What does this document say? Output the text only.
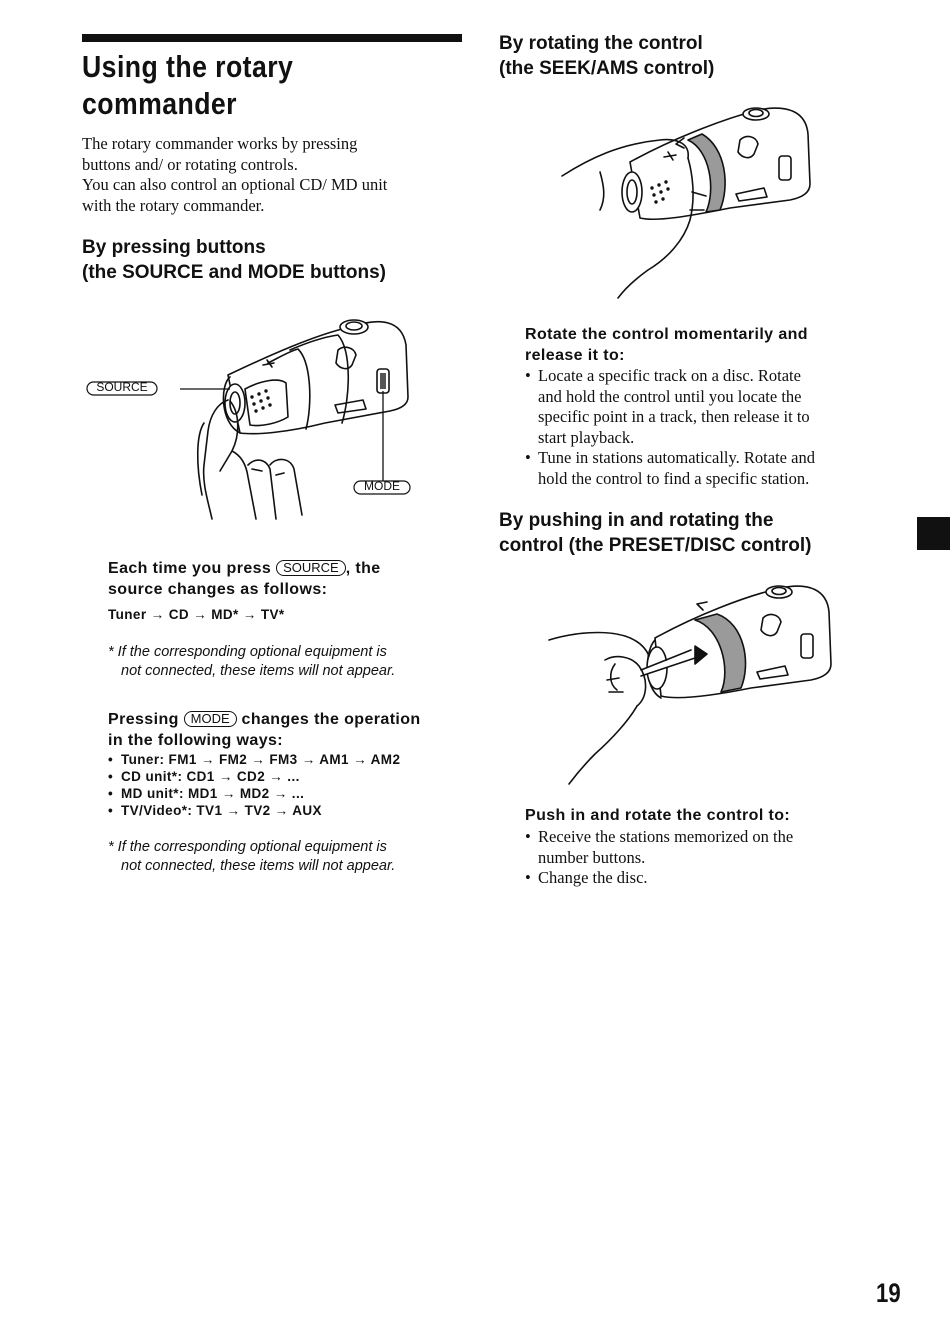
Using the rotary
commander
The rotary commander works by pressing
buttons and/ or rotating controls.
You can also control an optional CD/ MD unit
with the rotary commander.
By pressing buttons
(the SOURCE and MODE buttons)
SOURCE
MODE
Each time you press SOURCE , the
source changes as follows:
Tuner → CD → MD* → TV*
* If the corresponding optional equipment is
not connected, these items will not appear.
Pressing MODE changes the operation
in the following ways:
• Tuner: FM1 → FM2 → FM3 → AM1 → AM2
• CD unit*: CD1 → CD2 → ...
• MD unit*: MD1 → MD2 → ...
• TV/Video*: TV1 → TV2 → AUX
* If the corresponding optional equipment is
not connected, these items will not appear.
By rotating the control
(the SEEK/AMS control)
Rotate the control momentarily and
release it to:
• Locate a specific track on a disc. Rotate
and hold the control until you locate the
specific point in a track, then release it to
start playback.
• Tune in stations automatically. Rotate and
hold the control to find a specific station.
By pushing in and rotating the
control (the PRESET/DISC control)
Push in and rotate the control to:
• Receive the stations memorized on the
number buttons.
• Change the disc.
19
